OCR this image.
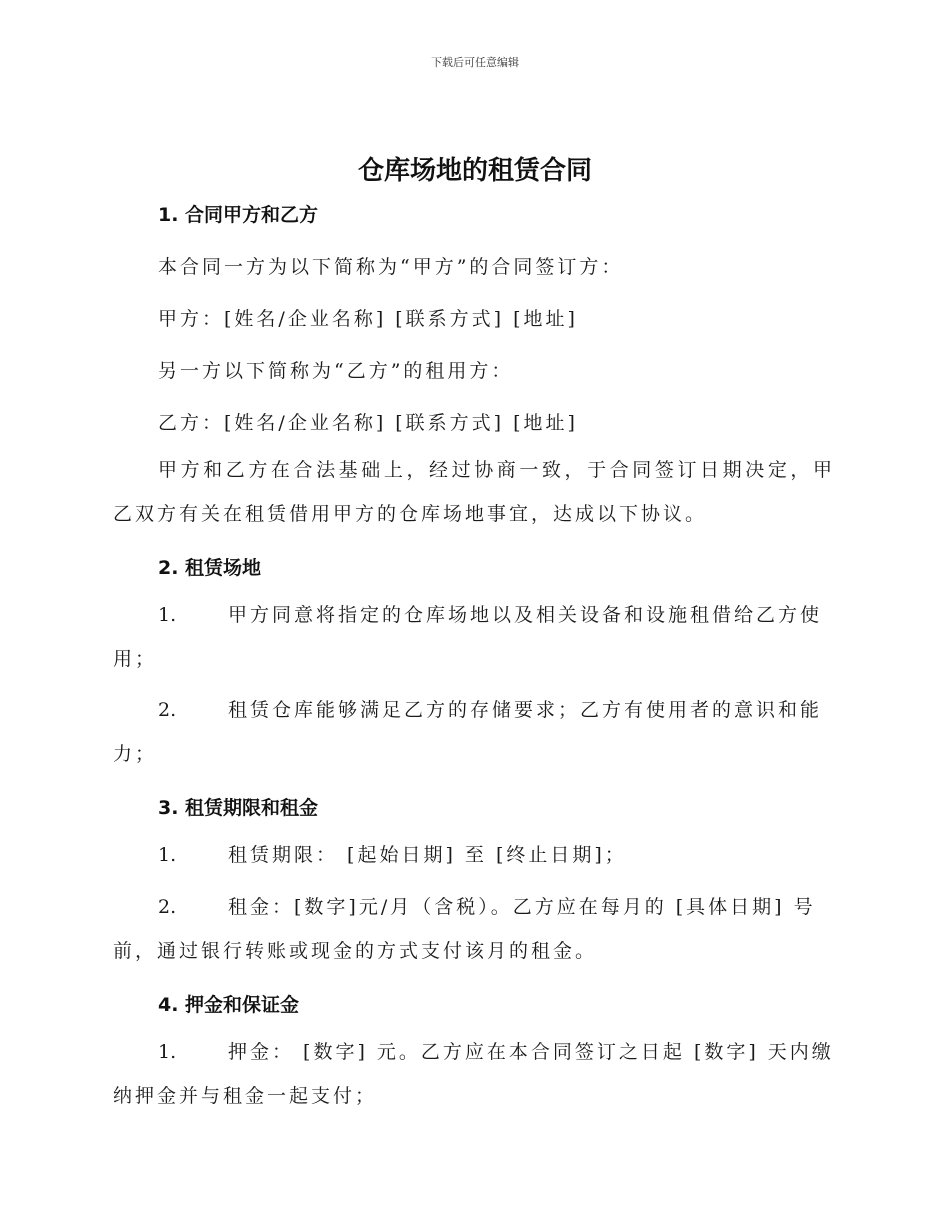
下载后可任意编辑
仓库场地的租赁合同
1. 合同甲方和乙方
本合同一方为以下简称为“甲方”的合同签订方：
甲方：[姓名/企业名称] [联系方式] [地址]
另一方以下简称为“乙方”的租用方：
乙方：[姓名/企业名称] [联系方式] [地址]
甲方和乙方在合法基础上，经过协商一致，于合同签订日期决定，甲乙双方有关在租赁借用甲方的仓库场地事宜，达成以下协议。
2. 租赁场地
1.	甲方同意将指定的仓库场地以及相关设备和设施租借给乙方使用；
2.	租赁仓库能够满足乙方的存储要求；乙方有使用者的意识和能力；
3. 租赁期限和租金
1.	租赁期限： [起始日期] 至 [终止日期]；
2.	租金：[数字]元/月（含税）。乙方应在每月的 [具体日期] 号前，通过银行转账或现金的方式支付该月的租金。
4. 押金和保证金
1.	押金： [数字] 元。乙方应在本合同签订之日起 [数字] 天内缴纳押金并与租金一起支付；
